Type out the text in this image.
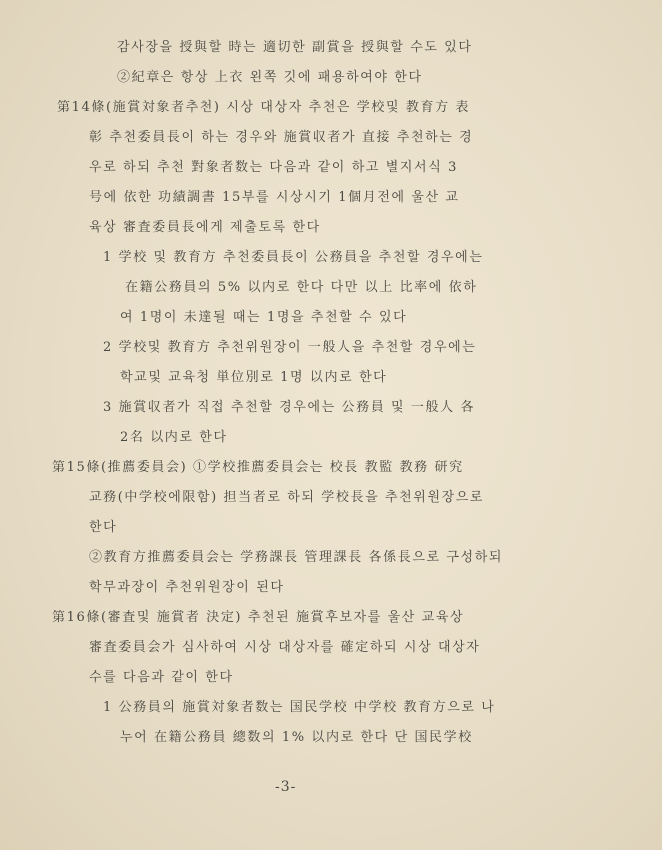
감사장을 授與할 時는 適切한 副賞을 授與할 수도 있다
②紀章은 항상 上衣 왼쪽 깃에 패용하여야 한다
第14條(施賞対象者추천) 시상 대상자 추천은 学校및 教育方 表
彰 추천委員長이 하는 경우와 施賞収者가 直接 추천하는 경
우로 하되 추천 對象者数는 다음과 같이 하고 별지서식 3
号에 依한 功績調書 15부를 시상시기 1個月전에 울산 교
육상 審査委員長에게 제출토록 한다
1 学校 및 教育方 추천委員長이 公務員을 추천할 경우에는
在籍公務員의 5% 以内로 한다 다만 以上 比率에 依하
여 1명이 未達될 때는 1명을 추천할 수 있다
2 学校및 教育方 추천위원장이 一般人을 추천할 경우에는
학교및 교육청 単位別로 1명 以内로 한다
3 施賞収者가 직접 추천할 경우에는 公務員 및 一般人 各
2名 以内로 한다
第15條(推薦委員会) ①学校推薦委員会는 校長 教監 教務 研究
교務(中学校에限함) 担当者로 하되 学校長을 추천위원장으로
한다
②教育方推薦委員会는 学務課長 管理課長 各係長으로 구성하되
학무과장이 추천위원장이 된다
第16條(審査및 施賞者 決定) 추천된 施賞후보자를 울산 교육상
審査委員会가 심사하여 시상 대상자를 確定하되 시상 대상자
수를 다음과 같이 한다
1 公務員의 施賞対象者数는 国民学校 中学校 教育方으로 나
누어 在籍公務員 總数의 1% 以内로 한다 단 国民学校
-3-
